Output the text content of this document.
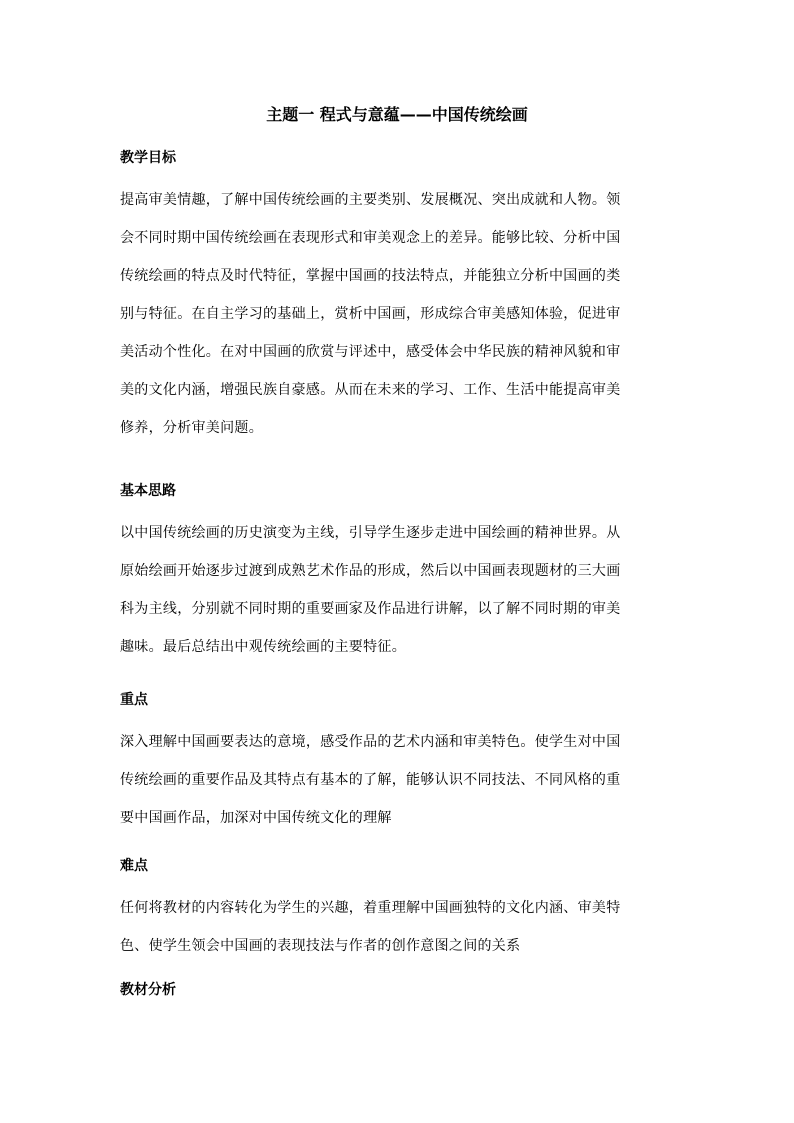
主题一 程式与意蕴——中国传统绘画
教学目标
提高审美情趣，了解中国传统绘画的主要类别、发展概况、突出成就和人物。领
会不同时期中国传统绘画在表现形式和审美观念上的差异。能够比较、分析中国
传统绘画的特点及时代特征，掌握中国画的技法特点，并能独立分析中国画的类
别与特征。在自主学习的基础上，赏析中国画，形成综合审美感知体验，促进审
美活动个性化。在对中国画的欣赏与评述中，感受体会中华民族的精神风貌和审
美的文化内涵，增强民族自豪感。从而在未来的学习、工作、生活中能提高审美
修养，分析审美问题。
基本思路
以中国传统绘画的历史演变为主线，引导学生逐步走进中国绘画的精神世界。从
原始绘画开始逐步过渡到成熟艺术作品的形成，然后以中国画表现题材的三大画
科为主线，分别就不同时期的重要画家及作品进行讲解，以了解不同时期的审美
趣味。最后总结出中观传统绘画的主要特征。
重点
深入理解中国画要表达的意境，感受作品的艺术内涵和审美特色。使学生对中国
传统绘画的重要作品及其特点有基本的了解，能够认识不同技法、不同风格的重
要中国画作品，加深对中国传统文化的理解
难点
任何将教材的内容转化为学生的兴趣，着重理解中国画独特的文化内涵、审美特
色、使学生领会中国画的表现技法与作者的创作意图之间的关系
教材分析
